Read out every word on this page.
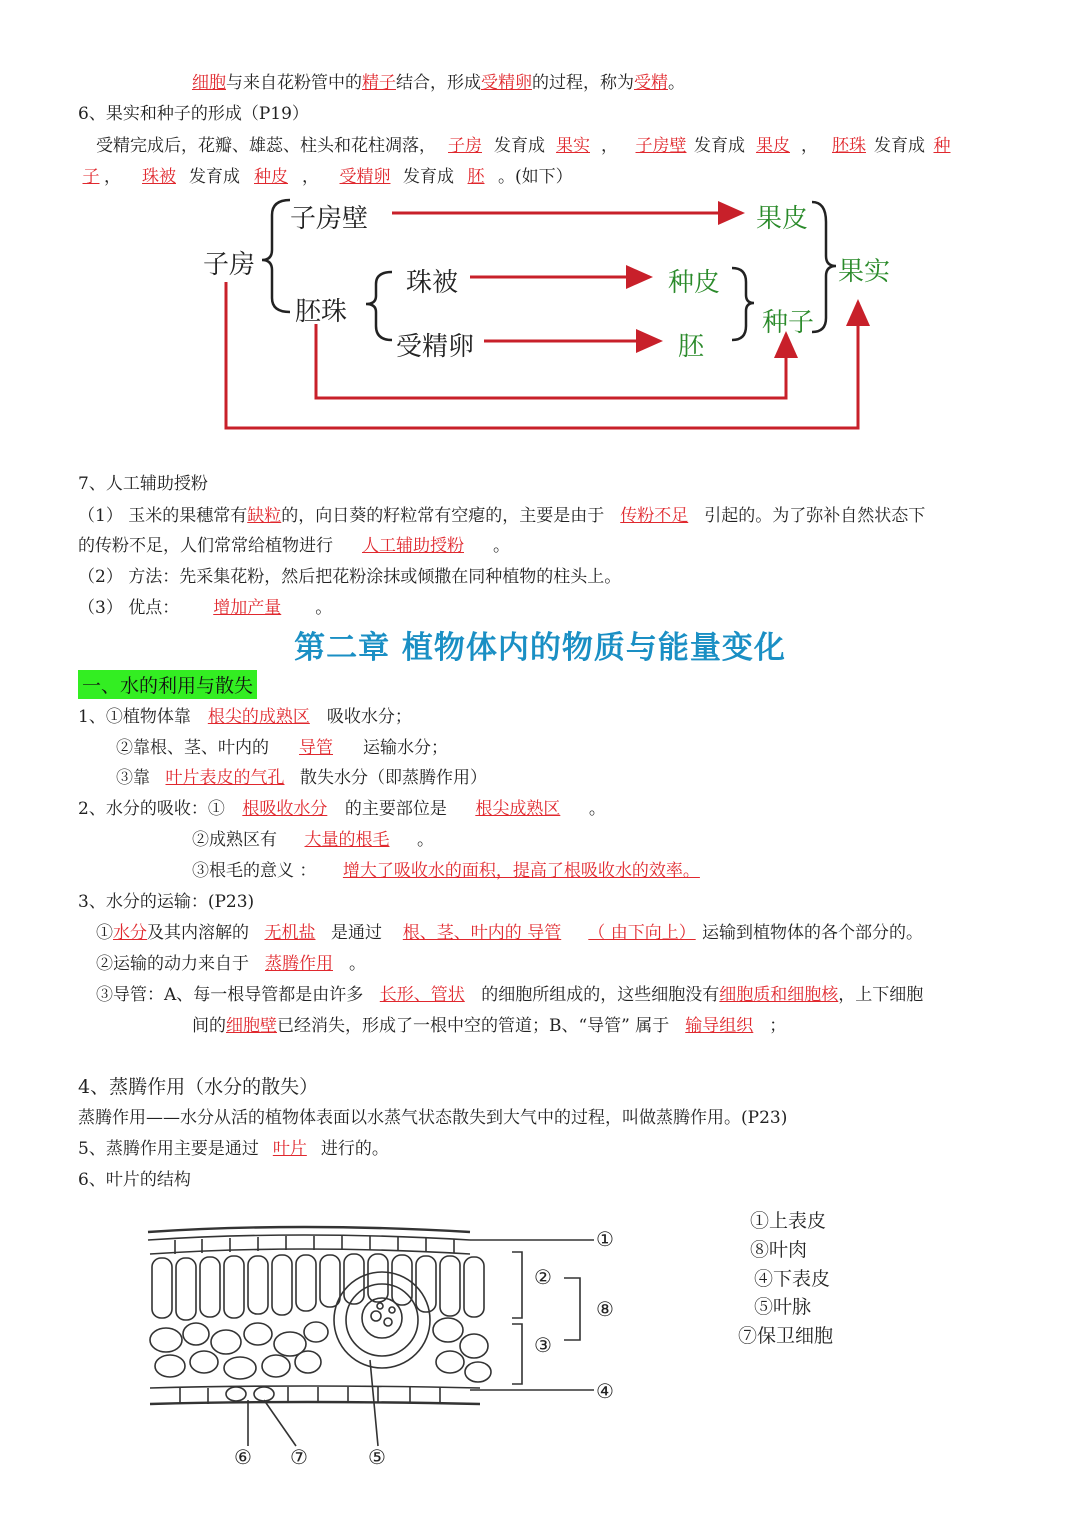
细胞与来自花粉管中的精子结合，形成受精卵的过程，称为受精。
6、果实和种子的形成（P19）
受精完成后，花瓣、雄蕊、柱头和花柱凋落， 子房 发育成 果实 ， 子房壁 发育成 果皮 ， 胚珠 发育成 种
子 ， 珠被 发育成 种皮 ， 受精卵 发育成 胚 。(如下）
子房
子房壁	果皮
果实
胚珠
珠被	种皮
种子
受精卵	胚
7、人工辅助授粉
（1） 玉米的果穗常有缺粒的，向日葵的籽粒常有空瘪的，主要是由于 传粉不足 引起的。为了弥补自然状态下
的传粉不足，人们常常给植物进行 人工辅助授粉 。
（2） 方法：先采集花粉，然后把花粉涂抹或倾撒在同种植物的柱头上。
（3） 优点： 增加产量 。
第二章 植物体内的物质与能量变化
一、水的利用与散失
1、①植物体靠 根尖的成熟区 吸收水分；
②靠根、茎、叶内的 导管 运输水分；
③靠 叶片表皮的气孔 散失水分（即蒸腾作用）
2、水分的吸收：① 根吸收水分 的主要部位是 根尖成熟区 。
②成熟区有 大量的根毛 。
③根毛的意义 ： 增大了吸收水的面积，提高了根吸收水的效率。
3、水分的运输：(P23)
①水分及其内溶解的 无机盐 是通过 根、茎、叶内的 导管 （ 由下向上） 运输到植物体的各个部分的。
②运输的动力来自于 蒸腾作用 。
③导管：A、每一根导管都是由许多 长形、管状 的细胞所组成的，这些细胞没有细胞质和细胞核，上下细胞
间的细胞壁已经消失，形成了一根中空的管道；B、“导管” 属于 输导组织 ；
4、蒸腾作用（水分的散失）
蒸腾作用——水分从活的植物体表面以水蒸气状态散失到大气中的过程，叫做蒸腾作用。(P23)
5、蒸腾作用主要是通过 叶片 进行的。
6、叶片的结构
①
②
⑧
③
④
⑥ ⑦	⑤
①上表皮
⑧叶肉
④下表皮
⑤叶脉
⑦保卫细胞
